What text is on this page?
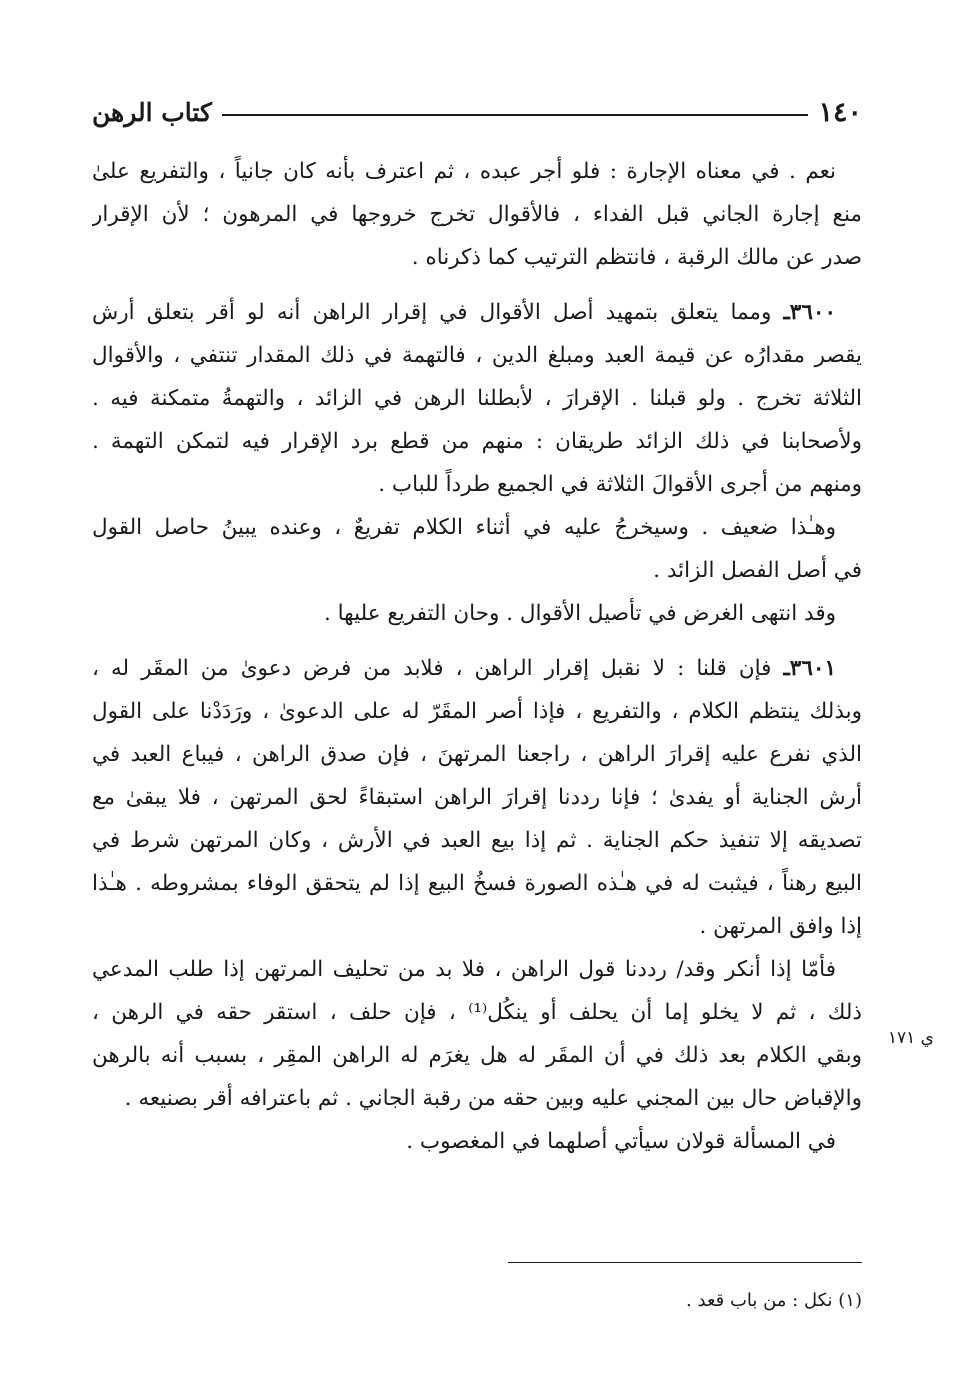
١٤٠
كتاب الرهن
نعم . في معناه الإجارة : فلو أجر عبده ، ثم اعترف بأنه كان جانياً ، والتفريع علىٰ
منع إجارة الجاني قبل الفداء ، فالأقوال تخرج خروجها في المرهون ؛ لأن الإقرار
صدر عن مالك الرقبة ، فانتظم الترتيب كما ذكرناه .
٣٦٠٠ـ ومما يتعلق بتمهيد أصل الأقوال في إقرار الراهن أنه لو أقر بتعلق أرش
يقصر مقدارُه عن قيمة العبد ومبلغ الدين ، فالتهمة في ذلك المقدار تنتفي ، والأقوال
الثلاثة تخرج . ولو قبلنا . الإقرارَ ، لأبطلنا الرهن في الزائد ، والتهمةُ متمكنة فيه .
ولأصحابنا في ذلك الزائد طريقان : منهم من قطع برد الإقرار فيه لتمكن التهمة .
ومنهم من أجرى الأقوالَ الثلاثة في الجميع طرداً للباب .
وهـٰذا ضعيف . وسيخرجُ عليه في أثناء الكلام تفريعٌ ، وعنده يبينُ حاصل القول
في أصل الفصل الزائد .
وقد انتهى الغرض في تأصيل الأقوال . وحان التفريع عليها .
٣٦٠١ـ فإن قلنا : لا نقبل إقرار الراهن ، فلابد من فرض دعوىٰ من المقَر له ،
وبذلك ينتظم الكلام ، والتفريع ، فإذا أصر المقَرّ له على الدعوىٰ ، ورَدَدْنا على القول
الذي نفرع عليه إقرارَ الراهن ، راجعنا المرتهنَ ، فإن صدق الراهن ، فيباع العبد في
أرش الجناية أو يفدىٰ ؛ فإنا رددنا إقرارَ الراهن استبقاءً لحق المرتهن ، فلا يبقىٰ مع
تصديقه إلا تنفيذ حكم الجناية . ثم إذا بيع العبد في الأرش ، وكان المرتهن شرط في
البيع رهناً ، فيثبت له في هـٰذه الصورة فسخُ البيع إذا لم يتحقق الوفاء بمشروطه . هـٰذا
إذا وافق المرتهن .
فأمّا إذا أنكر وقد/ رددنا قول الراهن ، فلا بد من تحليف المرتهن إذا طلب المدعي
ذلك ، ثم لا يخلو إما أن يحلف أو ينكُل⁽¹⁾ ، فإن حلف ، استقر حقه في الرهن ،
وبقي الكلام بعد ذلك في أن المقَر له هل يغرَم له الراهن المقِر ، بسبب أنه بالرهن
والإقباض حال بين المجني عليه وبين حقه من رقبة الجاني . ثم باعترافه أقر بصنيعه .
في المسألة قولان سيأتي أصلهما في المغصوب .
ي ١٧١
(١) نكل : من باب قعد .
